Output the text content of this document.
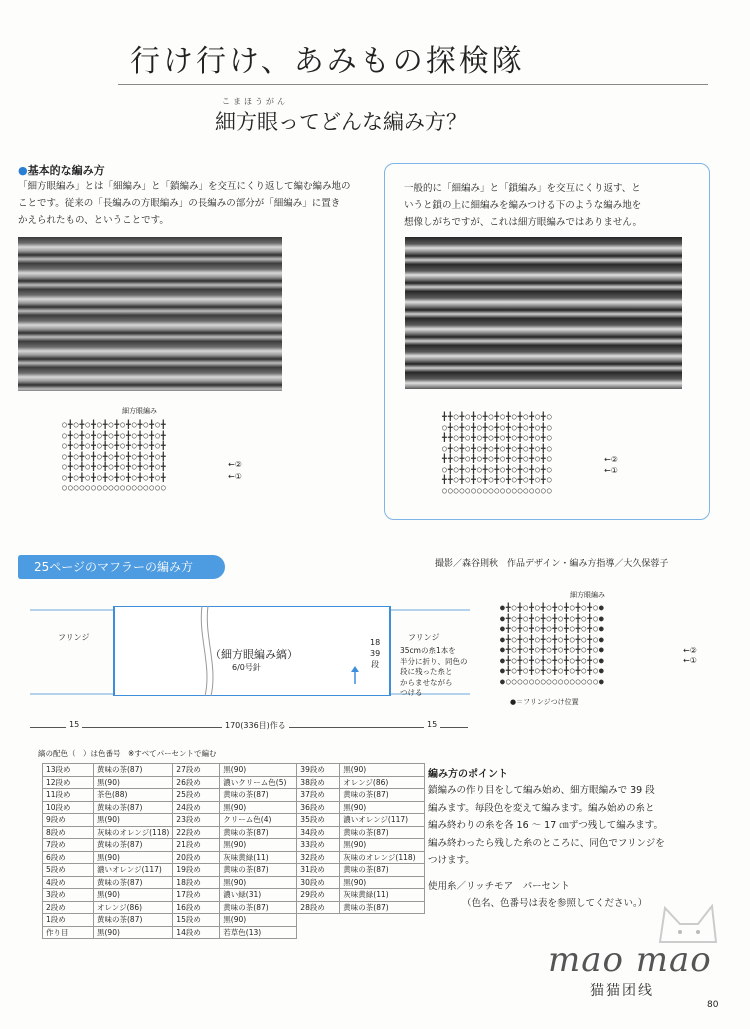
行け行け、あみもの探検隊
こまほうがん
細方眼ってどんな編み方？
●基本的な編み方
「細方眼編み」とは「細編み」と「鎖編み」を交互にくり返して編む編み地の
ことです。従来の「長編みの方眼編み」の長編みの部分が「細編み」に置き
かえられたもの、ということです。
細方眼編み
○╋○╋○╋○╋○╋○╋○╋○╋○╋
○╋○╋○╋○╋○╋○╋○╋○╋○╋
○╋○╋○╋○╋○╋○╋○╋○╋○╋
○╋○╋○╋○╋○╋○╋○╋○╋○╋
○╋○╋○╋○╋○╋○╋○╋○╋○╋
○╋○╋○╋○╋○╋○╋○╋○╋○╋
○○○○○○○○○○○○○○○○○○
←②
←①
一般的に「細編み」と「鎖編み」を交互にくり返す、と
いうと鎖の上に細編みを編みつける下のような編み地を
想像しがちですが、これは細方眼編みではありません。
╋╋○╋○╋○╋○╋○╋○╋○╋○╋○
○╋○╋○╋○╋○╋○╋○╋○╋○╋○
╋╋○╋○╋○╋○╋○╋○╋○╋○╋○
○╋○╋○╋○╋○╋○╋○╋○╋○╋○
╋╋○╋○╋○╋○╋○╋○╋○╋○╋○
○╋○╋○╋○╋○╋○╋○╋○╋○╋○
╋╋○╋○╋○╋○╋○╋○╋○╋○╋○
○○○○○○○○○○○○○○○○○○○
←②
←①
25ページのマフラーの編み方	撮影／森谷則秋　作品デザイン・編み方指導／大久保蓉子
フリンジ
（細方眼編み縞）
6/0号針
18
39
段
フリンジ
35cmの糸1本を
半分に折り、同色の
段に残った糸と
からませながら
つける
15	170(336目)作る	15
細方眼編み
●╋○╋○╋○╋○╋○╋○╋○╋○●
●╋○╋○╋○╋○╋○╋○╋○╋○●
●╋○╋○╋○╋○╋○╋○╋○╋○●
●╋○╋○╋○╋○╋○╋○╋○╋○●
●╋○╋○╋○╋○╋○╋○╋○╋○●
●╋○╋○╋○╋○╋○╋○╋○╋○●
●╋○╋○╋○╋○╋○╋○╋○╋○●
●○○○○○○○○○○○○○○○○●
←②
←①
●＝フリンジつけ位置
縞の配色（　）は色番号　※すべてパーセントで編む
13段め	黄味の茶(87)	27段め	黒(90)	39段め	黒(90)
12段め	黒(90)	26段め	濃いクリーム色(5)	38段め	オレンジ(86)
11段め	茶色(88)	25段め	黄味の茶(87)	37段め	黄味の茶(87)
10段め	黄味の茶(87)	24段め	黒(90)	36段め	黒(90)
9段め	黒(90)	23段め	クリーム色(4)	35段め	濃いオレンジ(117)
8段め	灰味のオレンジ(118)	22段め	黄味の茶(87)	34段め	黄味の茶(87)
7段め	黄味の茶(87)	21段め	黒(90)	33段め	黒(90)
6段め	黒(90)	20段め	灰味黄緑(11)	32段め	灰味のオレンジ(118)
5段め	濃いオレンジ(117)	19段め	黄味の茶(87)	31段め	黄味の茶(87)
4段め	黄味の茶(87)	18段め	黒(90)	30段め	黒(90)
3段め	黒(90)	17段め	濃い緑(31)	29段め	灰味黄緑(11)
2段め	オレンジ(86)	16段め	黄味の茶(87)	28段め	黄味の茶(87)
1段め	黄味の茶(87)	15段め	黒(90)		
作り目	黒(90)	14段め	若草色(13)		
編み方のポイント
鎖編みの作り目をして編み始め、細方眼編みで 39 段
編みます。毎段色を変えて編みます。編み始めの糸と
編み終わりの糸を各 16 ～ 17 ㎝ずつ残して編みます。
編み終わったら残した糸のところに、同色でフリンジを
つけます。
使用糸／リッチモア　パーセント
（色名、色番号は表を参照してください。）
mao mao
猫猫团线
80
